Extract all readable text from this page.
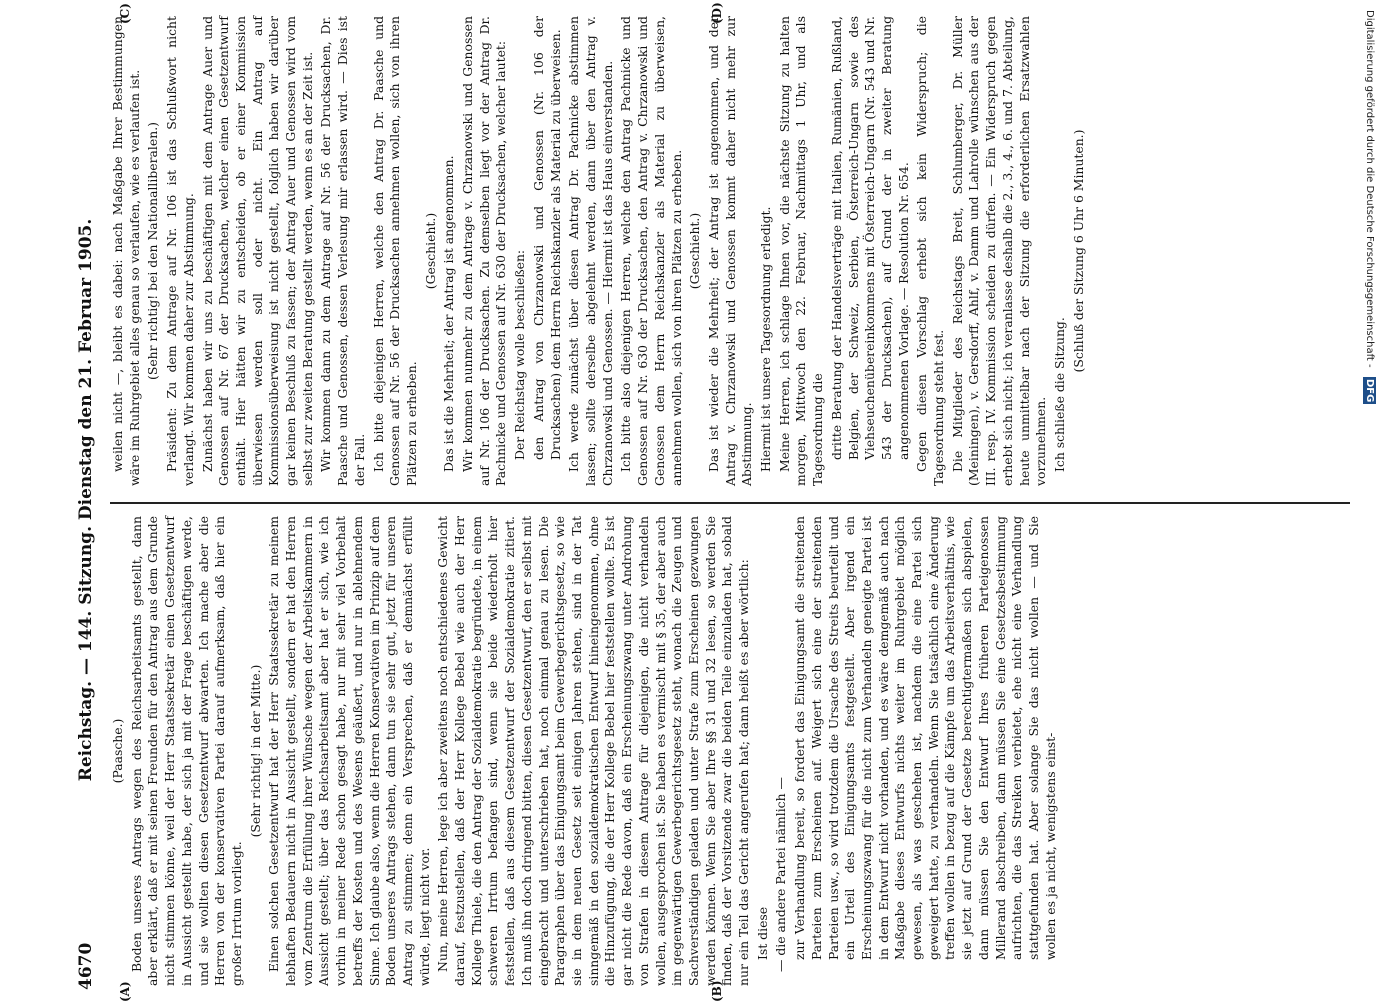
4670
Reichstag. — 144. Sitzung. Dienstag den 21. Februar 1905.
(A)	(B)
(C)	(D)

(Paasche.) Boden unseres Antrags wegen des Reichsarbeitsamts gestellt, dann aber erklärt, daß er mit seinen Freunden für den Antrag aus dem Grunde nicht stimmen könne, weil der Herr Staatssekretär einen Gesetzentwurf in Aussicht gestellt habe, der sich ja mit der Frage beschäftigen werde, und sie wollten diesen Gesetzentwurf abwarten. Ich mache aber die Herren von der konservativen Partei darauf aufmerksam, daß hier ein großer Irrtum vorliegt.

(Sehr richtig! in der Mitte.) Einen solchen Gesetzentwurf hat der Herr Staatssekretär zu meinem lebhaften Bedauern nicht in Aussicht gestellt, sondern er hat den Herren vom Zentrum die Erfüllung ihrer Wünsche wegen der Arbeitskammern in Aussicht gestellt; über das Reichsarbeitsamt aber hat er sich, wie ich vorhin in meiner Rede schon gesagt habe, nur mit sehr viel Vorbehalt betreffs der Kosten und des Wesens geäußert, und nur in ablehnendem Sinne. Ich glaube also, wenn die Herren Konservativen im Prinzip auf dem Boden unseres Antrags stehen, dann tun sie sehr gut, jetzt für unseren Antrag zu stimmen; denn ein Versprechen, daß er demnächst erfüllt würde, liegt nicht vor. Nun, meine Herren, lege ich aber zweitens noch entschiedenes Gewicht darauf, festzustellen, daß der Herr Kollege Bebel wie auch der Herr Kollege Thiele, die den Antrag der Sozialdemokratie begründete, in einem schweren Irrtum befangen sind, wenn sie beide wiederholt hier feststellen, daß aus diesem Gesetzentwurf der Sozialdemokratie zitiert. Ich muß ihn doch dringend bitten, diesen Gesetzentwurf, den er selbst mit eingebracht und unterschrieben hat, noch einmal genau zu lesen. Die Paragraphen über das Einigungsamt beim Gewerbegerichtsgesetz, so wie sie in dem neuen Gesetz seit einigen Jahren stehen, sind in der Tat sinngemäß in den sozialdemokratischen Entwurf hineingenommen, ohne die Hinzufügung, die der Herr Kollege Bebel hier feststellen wollte. Es ist gar nicht die Rede davon, daß ein Erscheinungszwang unter Androhung von Strafen in diesem Antrage für diejenigen, die nicht verhandeln wollen, ausgesprochen ist. Sie haben es vermischt mit § 35, der aber auch im gegenwärtigen Gewerbegerichtsgesetz steht, wonach die Zeugen und Sachverständigen geladen und unter Strafe zum Erscheinen gezwungen werden können. Wenn Sie aber Ihre §§ 31 und 32 lesen, so werden Sie finden, daß der Vorsitzende zwar die beiden Teile einzuladen hat, sobald nur ein Teil das Gericht angerufen hat; dann heißt es aber wörtlich: Ist diese — die andere Partei nämlich — zur Verhandlung bereit, so fordert das Einigungsamt die streitenden Parteien zum Erscheinen auf. Weigert sich eine der streitenden Parteien usw., so wird trotzdem die Ursache des Streits beurteilt und ein Urteil des Einigungsamts festgestellt. Aber irgend ein Erscheinungszwang für die nicht zum Verhandeln geneigte Partei ist in dem Entwurf nicht vorhanden, und es wäre demgemäß auch nach Maßgabe dieses Entwurfs nichts weiter im Ruhrgebiet möglich gewesen, als was geschehen ist, nachdem die eine Partei sich geweigert hatte, zu verhandeln. Wenn Sie tatsächlich eine Änderung treffen wollen in bezug auf die Kämpfe um das Arbeitsverhältnis, wie sie jetzt auf Grund der Gesetze berechtigtermaßen sich abspielen, dann müssen Sie den Entwurf Ihres früheren Parteigenossen Millerand abschreiben, dann müssen Sie eine Gesetzesbestimmung aufrichten, die das Streiken verbietet, ehe nicht eine Verhandlung stattgefunden hat. Aber solange Sie das nicht wollen — und Sie wollen es ja nicht, wenigstens einst-

weilen nicht —, bleibt es dabei: nach Maßgabe Ihrer Bestimmungen wäre im Ruhrgebiet alles genau so verlaufen, wie es verlaufen ist. (Sehr richtig! bei den Nationalliberalen.) Präsident: Zu dem Antrage auf Nr. 106 ist das Schlußwort nicht verlangt. Wir kommen daher zur Abstimmung. Zunächst haben wir uns zu beschäftigen mit dem Antrage Auer und Genossen auf Nr. 67 der Drucksachen, welcher einen Gesetzentwurf enthält. Hier hätten wir zu entscheiden, ob er einer Kommission überwiesen werden soll oder nicht. Ein Antrag auf Kommissionsüberweisung ist nicht gestellt, folglich haben wir darüber gar keinen Beschluß zu fassen; der Antrag Auer und Genossen wird vom selbst zur zweiten Beratung gestellt werden, wenn es an der Zeit ist. Wir kommen dann zu dem Antrage auf Nr. 56 der Drucksachen, Dr. Paasche und Genossen, dessen Verlesung mir erlassen wird. — Dies ist der Fall. Ich bitte diejenigen Herren, welche den Antrag Dr. Paasche und Genossen auf Nr. 56 der Drucksachen annehmen wollen, sich von ihren Plätzen zu erheben.

(Geschieht.) Das ist die Mehrheit; der Antrag ist angenommen. Wir kommen nunmehr zu dem Antrage v. Chrzanowski und Genossen auf Nr. 106 der Drucksachen. Zu demselben liegt vor der Antrag Dr. Pachnicke und Genossen auf Nr. 630 der Drucksachen, welcher lautet: Der Reichstag wolle beschließen: den Antrag von Chrzanowski und Genossen (Nr. 106 der Drucksachen) dem Herrn Reichskanzler als Material zu überweisen. Ich werde zunächst über diesen Antrag Dr. Pachnicke abstimmen lassen; sollte derselbe abgelehnt werden, dann über den Antrag v. Chrzanowski und Genossen. — Hiermit ist das Haus einverstanden. Ich bitte also diejenigen Herren, welche den Antrag Pachnicke und Genossen auf Nr. 630 der Drucksachen, den Antrag v. Chrzanowski und Genossen dem Herrn Reichskanzler als Material zu überweisen, annehmen wollen, sich von ihren Plätzen zu erheben. (Geschieht.) Das ist wieder die Mehrheit; der Antrag ist angenommen, und der Antrag v. Chrzanowski und Genossen kommt daher nicht mehr zur Abstimmung. Hiermit ist unsere Tagesordnung erledigt. Meine Herren, ich schlage Ihnen vor, die nächste Sitzung zu halten morgen, Mittwoch den 22. Februar, Nachmittags 1 Uhr, und als Tagesordnung die dritte Beratung der Handelsverträge mit Italien, Rumänien, Rußland, Belgien, der Schweiz, Serbien, Österreich-Ungarn sowie des Viehseuchenübereinkommens mit Österreich-Ungarn (Nr. 543 und Nr. 543 der Drucksachen), auf Grund der in zweiter Beratung angenommenen Vorlage. — Resolution Nr. 654. Gegen diesen Vorschlag erhebt sich kein Widerspruch; die Tagesordnung steht fest. Die Mitglieder des Reichstags Breit, Schlumberger, Dr. Müller (Meiningen), v. Gersdorff, Ahlf, v. Damm und Lahrolle wünschen aus der III. resp. IV. Kommission scheiden zu dürfen. — Ein Widerspruch gegen erhebt sich nicht; ich veranlasse deshalb die 2., 3., 4., 6. und 7. Abteilung, heute unmittelbar nach der Sitzung die erforderlichen Ersatzwahlen vorzunehmen. Ich schließe die Sitzung.

(Schluß der Sitzung 6 Uhr 6 Minuten.)	Digitalisierung gefördert durch die Deutsche Forschungsgemeinschaft - DFG
